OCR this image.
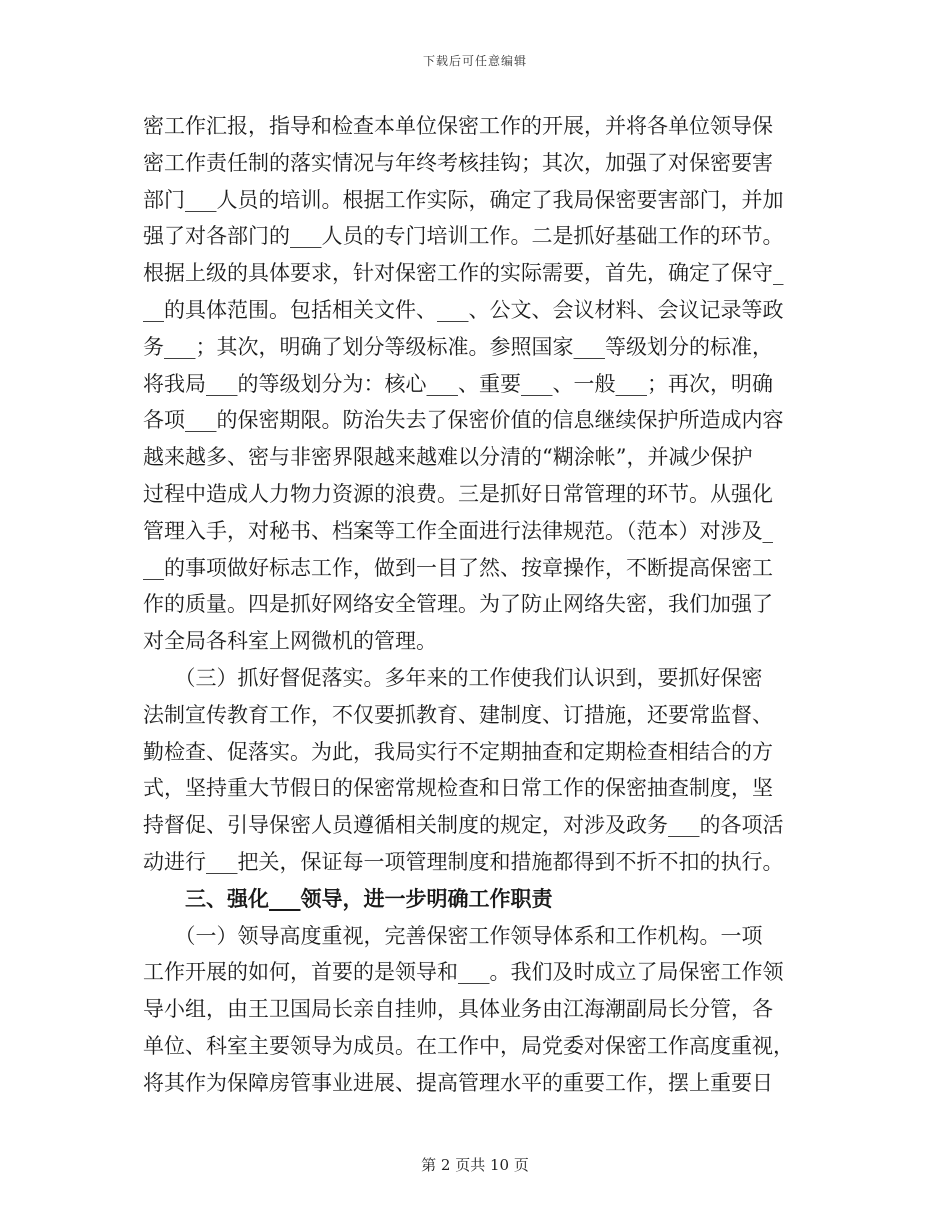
下载后可任意编辑
密工作汇报，指导和检查本单位保密工作的开展，并将各单位领导保
密工作责任制的落实情况与年终考核挂钩；其次，加强了对保密要害
部门___人员的培训。根据工作实际，确定了我局保密要害部门，并加
强了对各部门的___人员的专门培训工作。二是抓好基础工作的环节。
根据上级的具体要求，针对保密工作的实际需要，首先，确定了保守_
__的具体范围。包括相关文件、___、公文、会议材料、会议记录等政
务___；其次，明确了划分等级标准。参照国家___等级划分的标准，
将我局___的等级划分为：核心___、重要___、一般___；再次，明确
各项___的保密期限。防治失去了保密价值的信息继续保护所造成内容
越来越多、密与非密界限越来越难以分清的“糊涂帐”，并减少保护
过程中造成人力物力资源的浪费。三是抓好日常管理的环节。从强化
管理入手，对秘书、档案等工作全面进行法律规范。（范本）对涉及_
__的事项做好标志工作，做到一目了然、按章操作，不断提高保密工
作的质量。四是抓好网络安全管理。为了防止网络失密，我们加强了
对全局各科室上网微机的管理。
　　（三）抓好督促落实。多年来的工作使我们认识到，要抓好保密
法制宣传教育工作，不仅要抓教育、建制度、订措施，还要常监督、
勤检查、促落实。为此，我局实行不定期抽查和定期检查相结合的方
式，坚持重大节假日的保密常规检查和日常工作的保密抽查制度，坚
持督促、引导保密人员遵循相关制度的规定，对涉及政务___的各项活
动进行___把关，保证每一项管理制度和措施都得到不折不扣的执行。
　　三、强化___领导，进一步明确工作职责
　　（一）领导高度重视，完善保密工作领导体系和工作机构。一项
工作开展的如何，首要的是领导和___。我们及时成立了局保密工作领
导小组，由王卫国局长亲自挂帅，具体业务由江海潮副局长分管，各
单位、科室主要领导为成员。在工作中，局党委对保密工作高度重视，
将其作为保障房管事业进展、提高管理水平的重要工作，摆上重要日
第 2 页共 10 页
